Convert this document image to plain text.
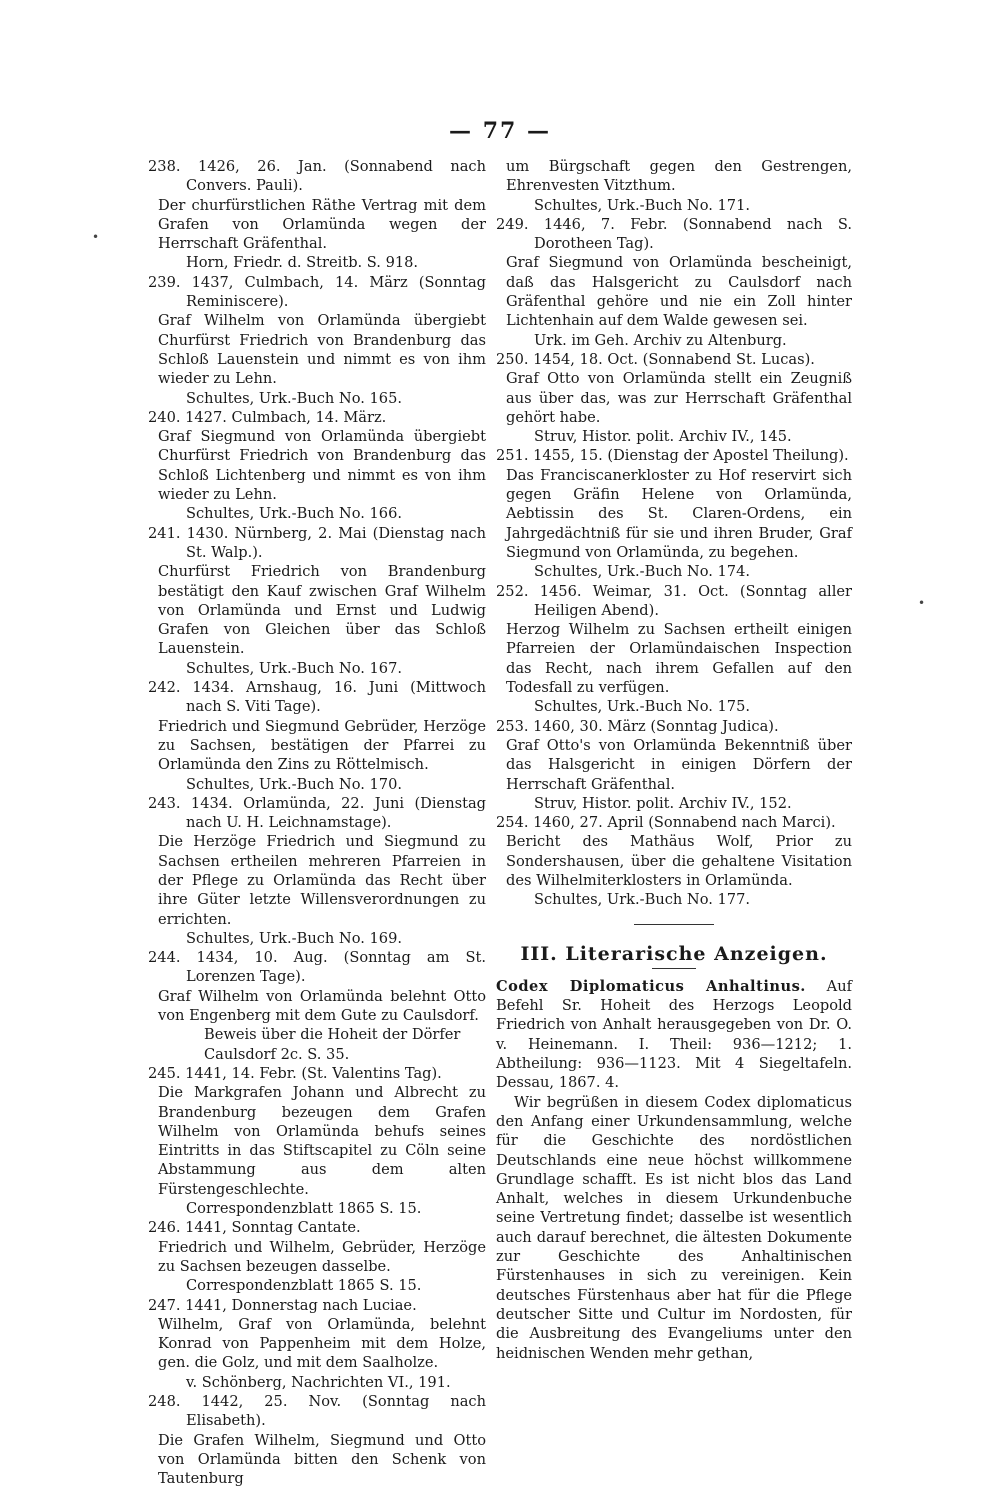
— 77 —
238. 1426, 26. Jan. (Sonnabend nach Convers. Pauli).
Der churfürstlichen Räthe Vertrag mit dem Grafen von Orlamünda wegen der Herrschaft Gräfenthal.
Horn, Friedr. d. Streitb. S. 918.
239. 1437, Culmbach, 14. März (Sonntag Reminiscere).
Graf Wilhelm von Orlamünda übergiebt Churfürst Friedrich von Brandenburg das Schloß Lauenstein und nimmt es von ihm wieder zu Lehn.
Schultes, Urk.-Buch No. 165.
240. 1427. Culmbach, 14. März.
Graf Siegmund von Orlamünda übergiebt Churfürst Friedrich von Brandenburg das Schloß Lichtenberg und nimmt es von ihm wieder zu Lehn.
Schultes, Urk.-Buch No. 166.
241. 1430. Nürnberg, 2. Mai (Dienstag nach St. Walp.).
Churfürst Friedrich von Brandenburg bestätigt den Kauf zwischen Graf Wilhelm von Orlamünda und Ernst und Ludwig Grafen von Gleichen über das Schloß Lauenstein.
Schultes, Urk.-Buch No. 167.
242. 1434. Arnshaug, 16. Juni (Mittwoch nach S. Viti Tage).
Friedrich und Siegmund Gebrüder, Herzöge zu Sachsen, bestätigen der Pfarrei zu Orlamünda den Zins zu Röttelmisch.
Schultes, Urk.-Buch No. 170.
243. 1434. Orlamünda, 22. Juni (Dienstag nach U. H. Leichnamstage).
Die Herzöge Friedrich und Siegmund zu Sachsen ertheilen mehreren Pfarreien in der Pflege zu Orlamünda das Recht über ihre Güter letzte Willensverordnungen zu errichten.
Schultes, Urk.-Buch No. 169.
244. 1434, 10. Aug. (Sonntag am St. Lorenzen Tage).
Graf Wilhelm von Orlamünda belehnt Otto von Engenberg mit dem Gute zu Caulsdorf.
Beweis über die Hoheit der Dörfer Caulsdorf 2c. S. 35.
245. 1441, 14. Febr. (St. Valentins Tag).
Die Markgrafen Johann und Albrecht zu Brandenburg bezeugen dem Grafen Wilhelm von Orlamünda behufs seines Eintritts in das Stiftscapitel zu Cöln seine Abstammung aus dem alten Fürstengeschlechte.
Correspondenzblatt 1865 S. 15.
246. 1441, Sonntag Cantate.
Friedrich und Wilhelm, Gebrüder, Herzöge zu Sachsen bezeugen dasselbe.
Correspondenzblatt 1865 S. 15.
247. 1441, Donnerstag nach Luciae.
Wilhelm, Graf von Orlamünda, belehnt Konrad von Pappenheim mit dem Holze, gen. die Golz, und mit dem Saalholze.
v. Schönberg, Nachrichten VI., 191.
248. 1442, 25. Nov. (Sonntag nach Elisabeth).
Die Grafen Wilhelm, Siegmund und Otto von Orlamünda bitten den Schenk von Tautenburg
um Bürgschaft gegen den Gestrengen, Ehrenvesten Vitzthum.
Schultes, Urk.-Buch No. 171.
249. 1446, 7. Febr. (Sonnabend nach S. Dorotheen Tag).
Graf Siegmund von Orlamünda bescheinigt, daß das Halsgericht zu Caulsdorf nach Gräfenthal gehöre und nie ein Zoll hinter Lichtenhain auf dem Walde gewesen sei.
Urk. im Geh. Archiv zu Altenburg.
250. 1454, 18. Oct. (Sonnabend St. Lucas).
Graf Otto von Orlamünda stellt ein Zeugniß aus über das, was zur Herrschaft Gräfenthal gehört habe.
Struv, Histor. polit. Archiv IV., 145.
251. 1455, 15. (Dienstag der Apostel Theilung).
Das Franciscanerkloster zu Hof reservirt sich gegen Gräfin Helene von Orlamünda, Aebtissin des St. Claren-Ordens, ein Jahrgedächtniß für sie und ihren Bruder, Graf Siegmund von Orlamünda, zu begehen.
Schultes, Urk.-Buch No. 174.
252. 1456. Weimar, 31. Oct. (Sonntag aller Heiligen Abend).
Herzog Wilhelm zu Sachsen ertheilt einigen Pfarreien der Orlamündaischen Inspection das Recht, nach ihrem Gefallen auf den Todesfall zu verfügen.
Schultes, Urk.-Buch No. 175.
253. 1460, 30. März (Sonntag Judica).
Graf Otto's von Orlamünda Bekenntniß über das Halsgericht in einigen Dörfern der Herrschaft Gräfenthal.
Struv, Histor. polit. Archiv IV., 152.
254. 1460, 27. April (Sonnabend nach Marci).
Bericht des Mathäus Wolf, Prior zu Sondershausen, über die gehaltene Visitation des Wilhelmiterklosters in Orlamünda.
Schultes, Urk.-Buch No. 177.
III. Literarische Anzeigen.

Codex Diplomaticus Anhaltinus. Auf Befehl Sr. Hoheit des Herzogs Leopold Friedrich von Anhalt herausgegeben von Dr. O. v. Heinemann. I. Theil: 936—1212; 1. Abtheilung: 936—1123. Mit 4 Siegeltafeln. Dessau, 1867. 4.

Wir begrüßen in diesem Codex diplomaticus den Anfang einer Urkundensammlung, welche für die Geschichte des nordöstlichen Deutschlands eine neue höchst willkommene Grundlage schafft. Es ist nicht blos das Land Anhalt, welches in diesem Urkundenbuche seine Vertretung findet; dasselbe ist wesentlich auch darauf berechnet, die ältesten Dokumente zur Geschichte des Anhaltinischen Fürstenhauses in sich zu vereinigen. Kein deutsches Fürstenhaus aber hat für die Pflege deutscher Sitte und Cultur im Nordosten, für die Ausbreitung des Evangeliums unter den heidnischen Wenden mehr gethan,

•
•
